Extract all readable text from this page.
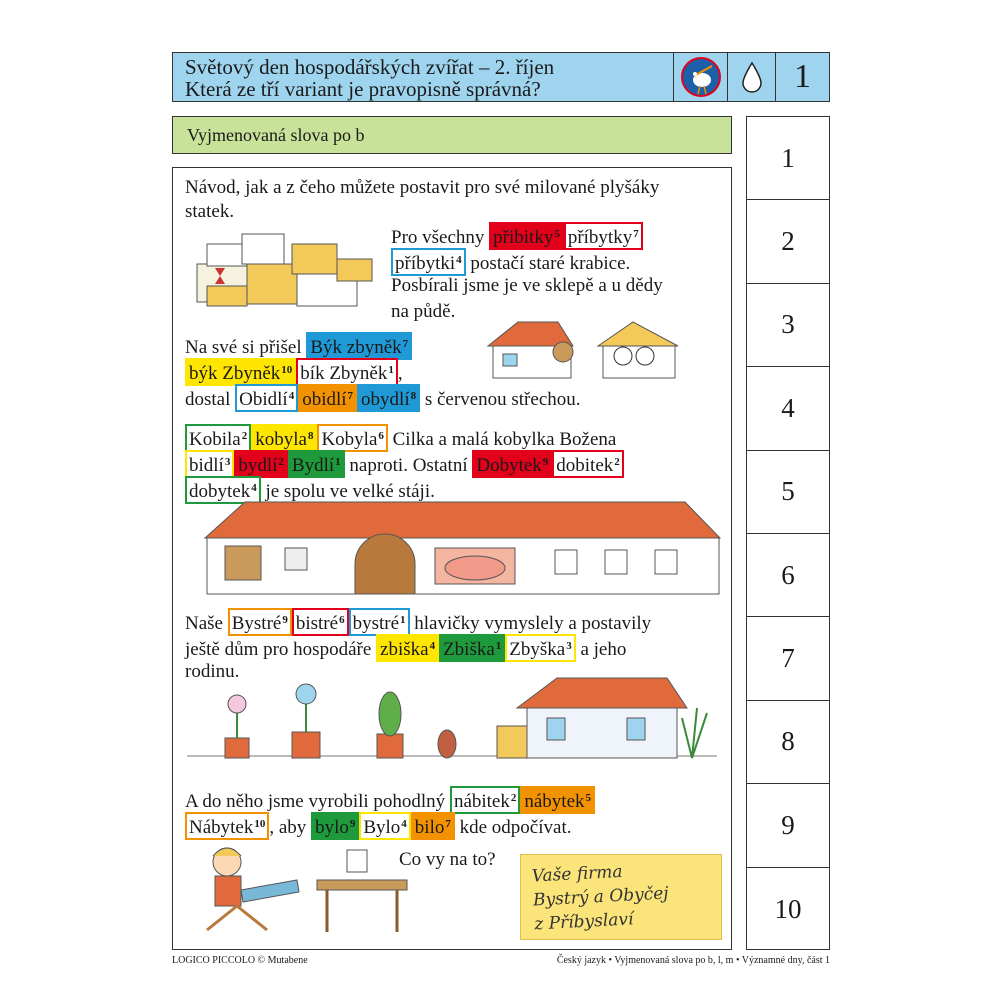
Světový den hospodářských zvířat – 2. říjen
Která ze tří variant je pravopisně správná?	1
Vyjmenovaná slova po b
1
2
3
4
5
6
7
8
9
10
Návod, jak a z čeho můžete postavit pro své milované plyšáky
statek.
Pro všechny přibitky$^5$ příbytky$^7$
příbytki$^4$ postačí staré krabice.
Posbírali jsme je ve sklepě a u dědy
na půdě.
Na své si přišel Býk zbyněk$^7$
býk Zbyněk$^{10}$ bík Zbyněk$^1$ ,
dostal Obidlí$^4$ obidlí$^7$ obydlí$^8$ s červenou střechou.
Kobila$^2$ kobyla$^8$ Kobyla$^6$ Cilka a malá kobylka Božena
bidlí$^3$ bydlí$^2$ Bydlí$^1$ naproti. Ostatní Dobytek$^9$ dobitek$^2$
dobytek$^4$ je spolu ve velké stáji.
Naše Bystré$^9$ bistré$^6$ bystré$^1$ hlavičky vymyslely a postavily
ještě dům pro hospodáře zbiška$^4$ Zbiška$^1$ Zbyška$^3$ a jeho
rodinu.
A do něho jsme vyrobili pohodlný nábitek$^2$ nábytek$^5$
Nábytek$^{10}$ , aby bylo$^9$ Bylo$^4$ bilo$^7$ kde odpočívat.
Co vy na to?
Vaše firma
Bystrý a Obyčej
z Příbyslaví
LOGICO PICCOLO © Mutabene	Český jazyk • Vyjmenovaná slova po b, l, m • Významné dny, část 1
